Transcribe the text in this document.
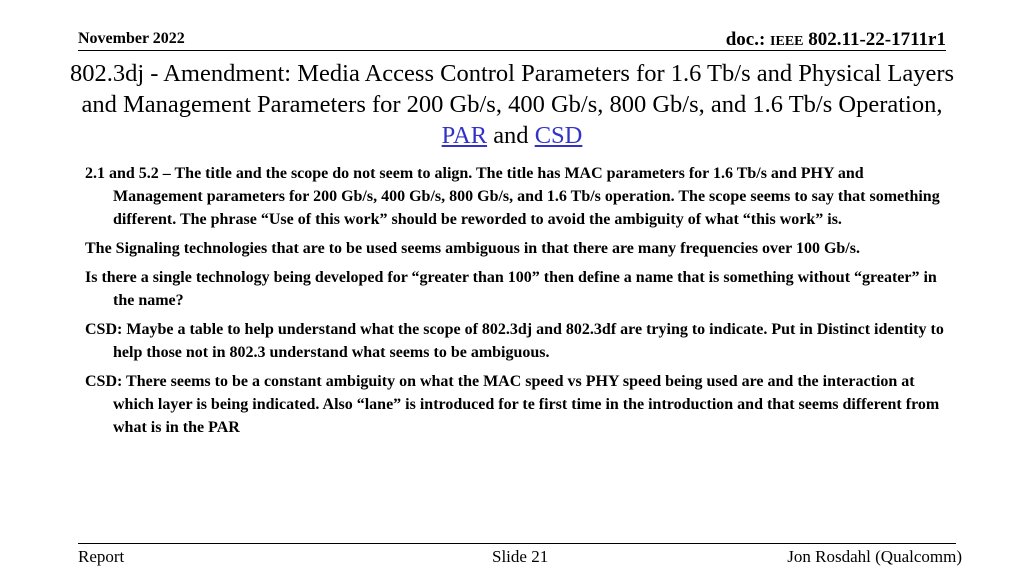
November 2022	doc.: IEEE 802.11-22-1711r1
802.3dj - Amendment: Media Access Control Parameters for 1.6 Tb/s and Physical Layers and Management Parameters for 200 Gb/s, 400 Gb/s, 800 Gb/s, and 1.6 Tb/s Operation, PAR and CSD

2.1 and 5.2 – The title and the scope do not seem to align. The title has MAC parameters for 1.6 Tb/s and PHY and Management parameters for 200 Gb/s, 400 Gb/s, 800 Gb/s, and 1.6 Tb/s operation. The scope seems to say that something different. The phrase “Use of this work” should be reworded to avoid the ambiguity of what “this work” is.

The Signaling technologies that are to be used seems ambiguous in that there are many frequencies over 100 Gb/s.

Is there a single technology being developed for “greater than 100” then define a name that is something without “greater” in the name?

CSD: Maybe a table to help understand what the scope of 802.3dj and 802.3df are trying to indicate. Put in Distinct identity to help those not in 802.3 understand what seems to be ambiguous.

CSD: There seems to be a constant ambiguity on what the MAC speed vs PHY speed being used are and the interaction at which layer is being indicated. Also “lane” is introduced for te first time in the introduction and that seems different from what is in the PAR

Report	Slide 21	Jon Rosdahl (Qualcomm)
